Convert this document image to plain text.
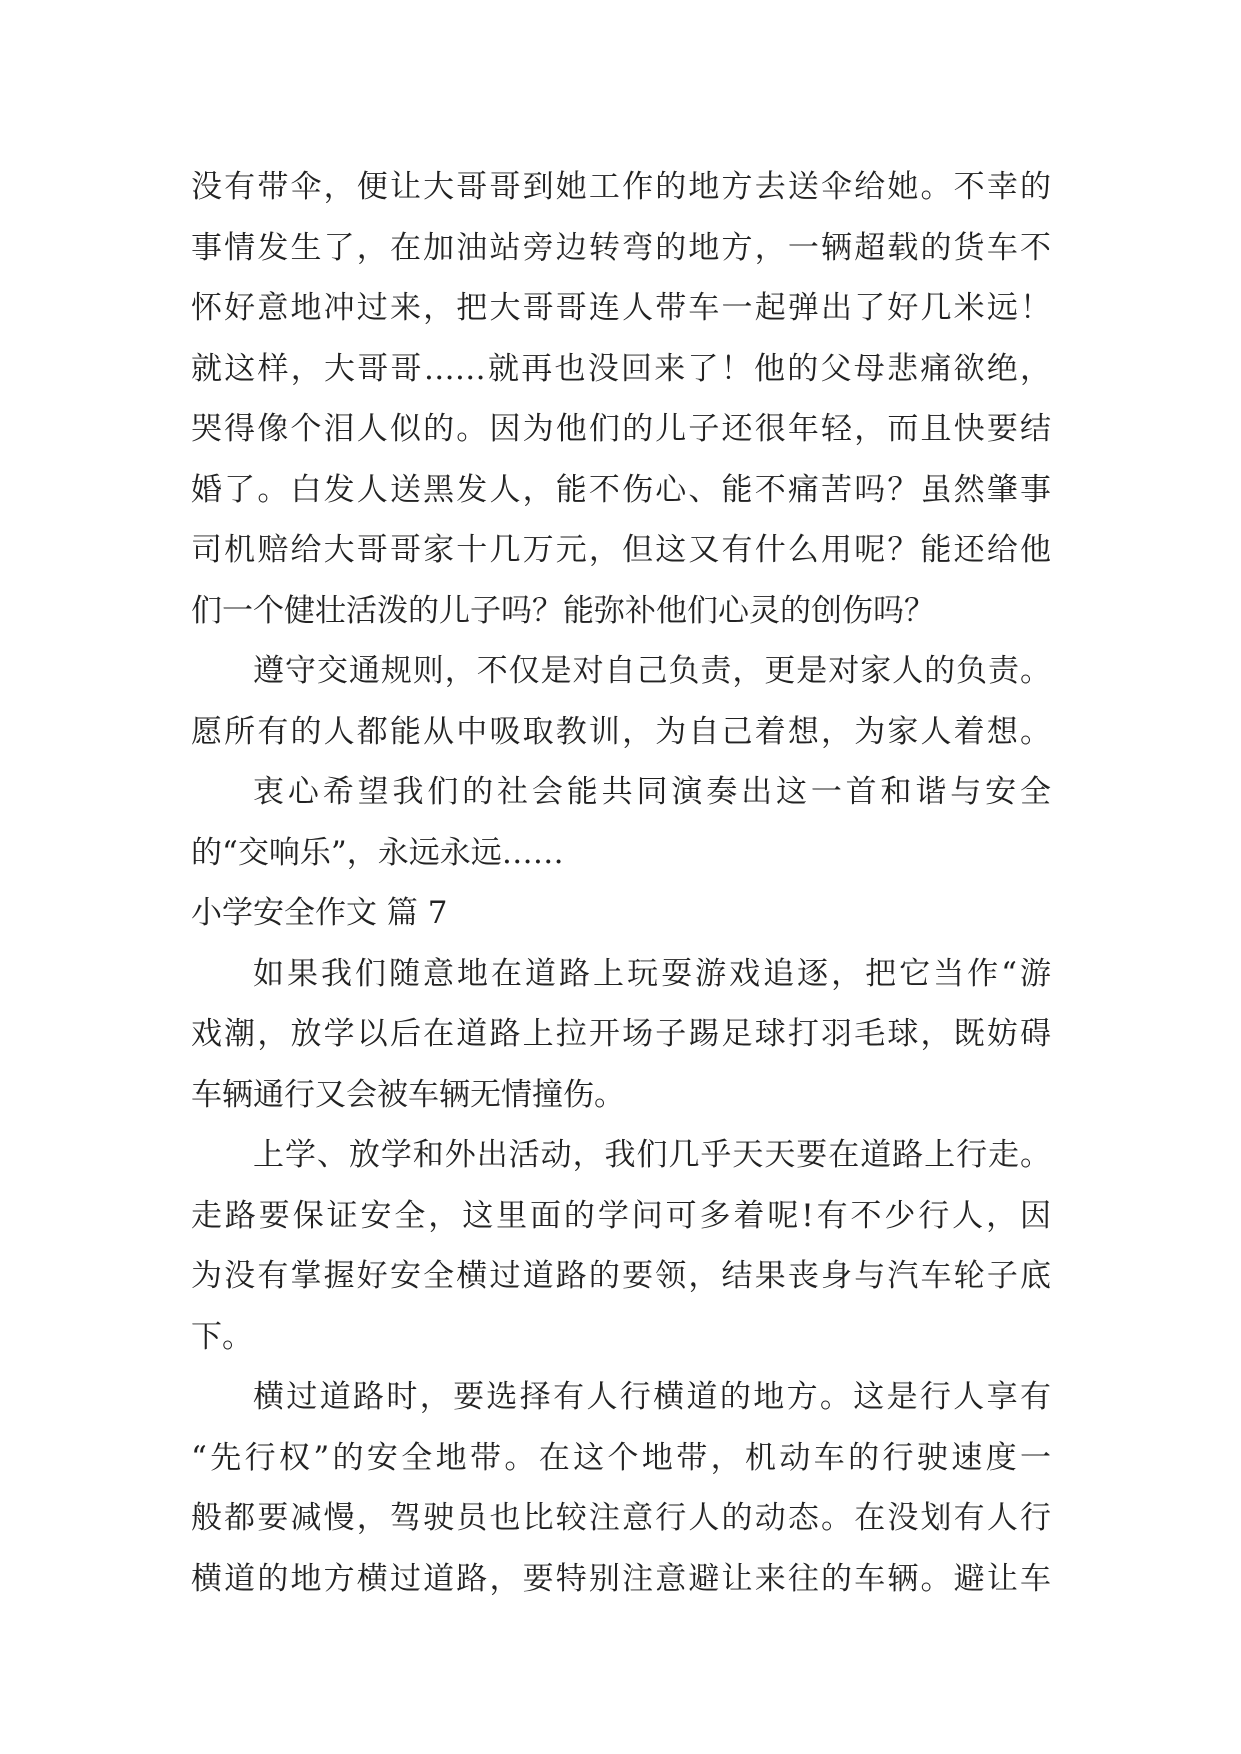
没有带伞，便让大哥哥到她工作的地方去送伞给她。不幸的
事情发生了，在加油站旁边转弯的地方，一辆超载的货车不
怀好意地冲过来，把大哥哥连人带车一起弹出了好几米远！
就这样，大哥哥……就再也没回来了！他的父母悲痛欲绝，
哭得像个泪人似的。因为他们的儿子还很年轻，而且快要结
婚了。白发人送黑发人，能不伤心、能不痛苦吗？虽然肇事
司机赔给大哥哥家十几万元，但这又有什么用呢？能还给他
们一个健壮活泼的儿子吗？能弥补他们心灵的创伤吗？
遵守交通规则，不仅是对自己负责，更是对家人的负责。
愿所有的人都能从中吸取教训，为自己着想，为家人着想。
衷心希望我们的社会能共同演奏出这一首和谐与安全
的“交响乐”，永远永远……
小学安全作文 篇 7
如果我们随意地在道路上玩耍游戏追逐，把它当作“游
戏潮，放学以后在道路上拉开场子踢足球打羽毛球，既妨碍
车辆通行又会被车辆无情撞伤。
上学、放学和外出活动，我们几乎天天要在道路上行走。
走路要保证安全，这里面的学问可多着呢!有不少行人，因
为没有掌握好安全横过道路的要领，结果丧身与汽车轮子底
下。
横过道路时，要选择有人行横道的地方。这是行人享有
“先行权”的安全地带。在这个地带，机动车的行驶速度一
般都要减慢，驾驶员也比较注意行人的动态。在没划有人行
横道的地方横过道路，要特别注意避让来往的车辆。避让车
